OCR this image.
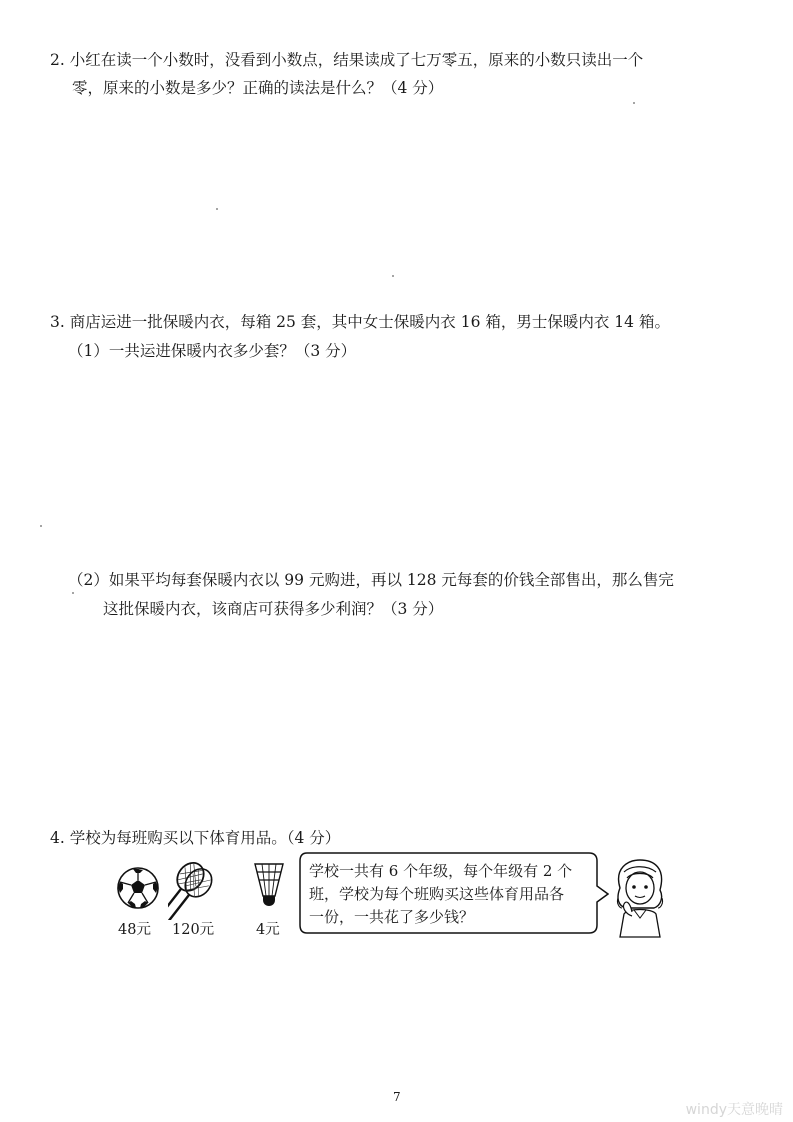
2. 小红在读一个小数时，没看到小数点，结果读成了七万零五，原来的小数只读出一个
零，原来的小数是多少？正确的读法是什么？（4 分）
3. 商店运进一批保暖内衣，每箱 25 套，其中女士保暖内衣 16 箱，男士保暖内衣 14 箱。
（1）一共运进保暖内衣多少套？（3 分）
（2）如果平均每套保暖内衣以 99 元购进，再以 128 元每套的价钱全部售出，那么售完
这批保暖内衣，该商店可获得多少利润？（3 分）
4. 学校为每班购买以下体育用品。（4 分）
48元 120元	4元
学校一共有 6 个年级，每个年级有 2 个
班，学校为每个班购买这些体育用品各
一份，一共花了多少钱？
7
windy天意晚晴
